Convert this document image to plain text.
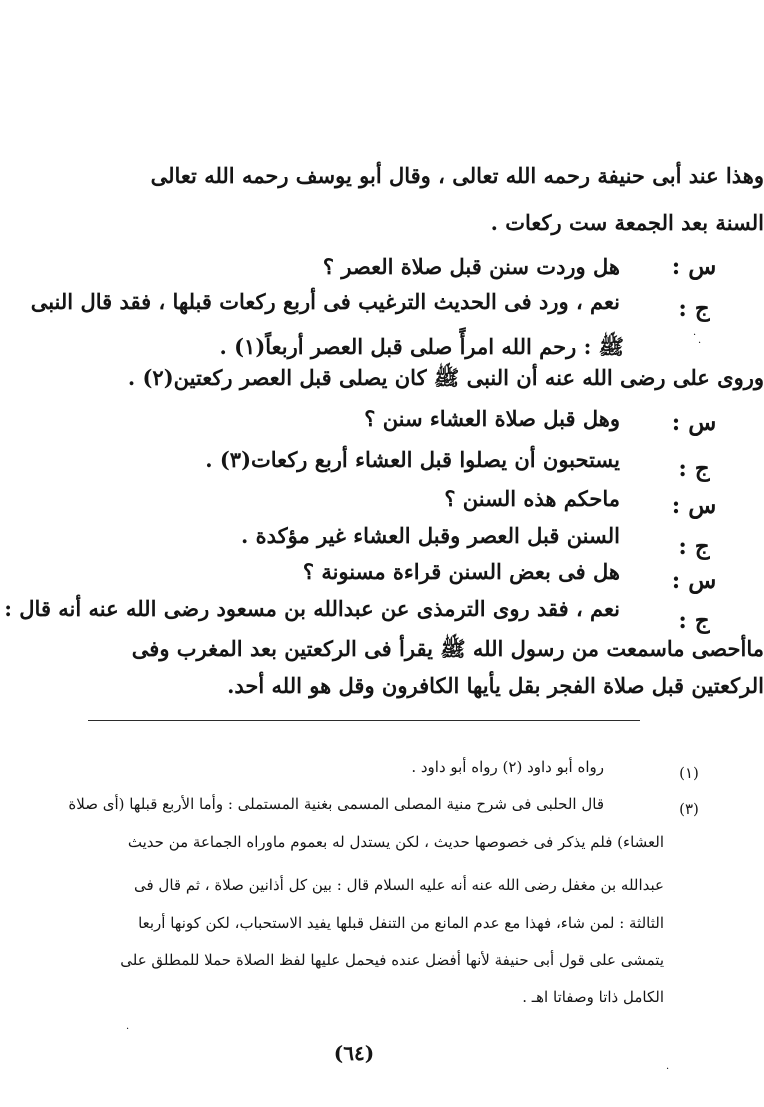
وهذا عند أبى حنيفة رحمه الله تعالى ، وقال أبو يوسف رحمه الله تعالى
السنة بعد الجمعة ست ركعات .
س :
هل وردت سنن قبل صلاة العصر ؟
ج :
نعم ، ورد فى الحديث الترغيب فى أربع ركعات قبلها ، فقد قال النبى
ﷺ : رحم الله امرأً صلى قبل العصر أربعاً(١) .
وروى على رضى الله عنه أن النبى ﷺ كان يصلى قبل العصر ركعتين(٢) .
س :
وهل قبل صلاة العشاء سنن ؟
ج :
يستحبون أن يصلوا قبل العشاء أربع ركعات(٣) .
س :
ماحكم هذه السنن ؟
ج :
السنن قبل العصر وقبل العشاء غير مؤكدة .
س :
هل فى بعض السنن قراءة مسنونة ؟
ج :
نعم ، فقد روى الترمذى عن عبدالله بن مسعود رضى الله عنه أنه قال :
ماأحصى ماسمعت من رسول الله ﷺ يقرأ فى الركعتين بعد المغرب وفى
الركعتين قبل صلاة الفجر بقل يأيها الكافرون وقل هو الله أحد.
(١)
رواه أبو داود (٢) رواه أبو داود .
(٣)
قال الحلبى فى شرح منية المصلى المسمى بغنية المستملى : وأما الأربع قبلها (أى صلاة
العشاء) فلم يذكر فى خصوصها حديث ، لكن يستدل له بعموم ماوراه الجماعة من حديث
عبدالله بن مغفل رضى الله عنه أنه عليه السلام قال : بين كل أذانين صلاة ، ثم قال فى
الثالثة : لمن شاء، فهذا مع عدم المانع من التنفل قبلها يفيد الاستحباب، لكن كونها أربعا
يتمشى على قول أبى حنيفة لأنها أفضل عنده فيحمل عليها لفظ الصلاة حملا للمطلق على
الكامل ذاتا وصفاتا اهـ .
(٦٤)
·
·
·
·
